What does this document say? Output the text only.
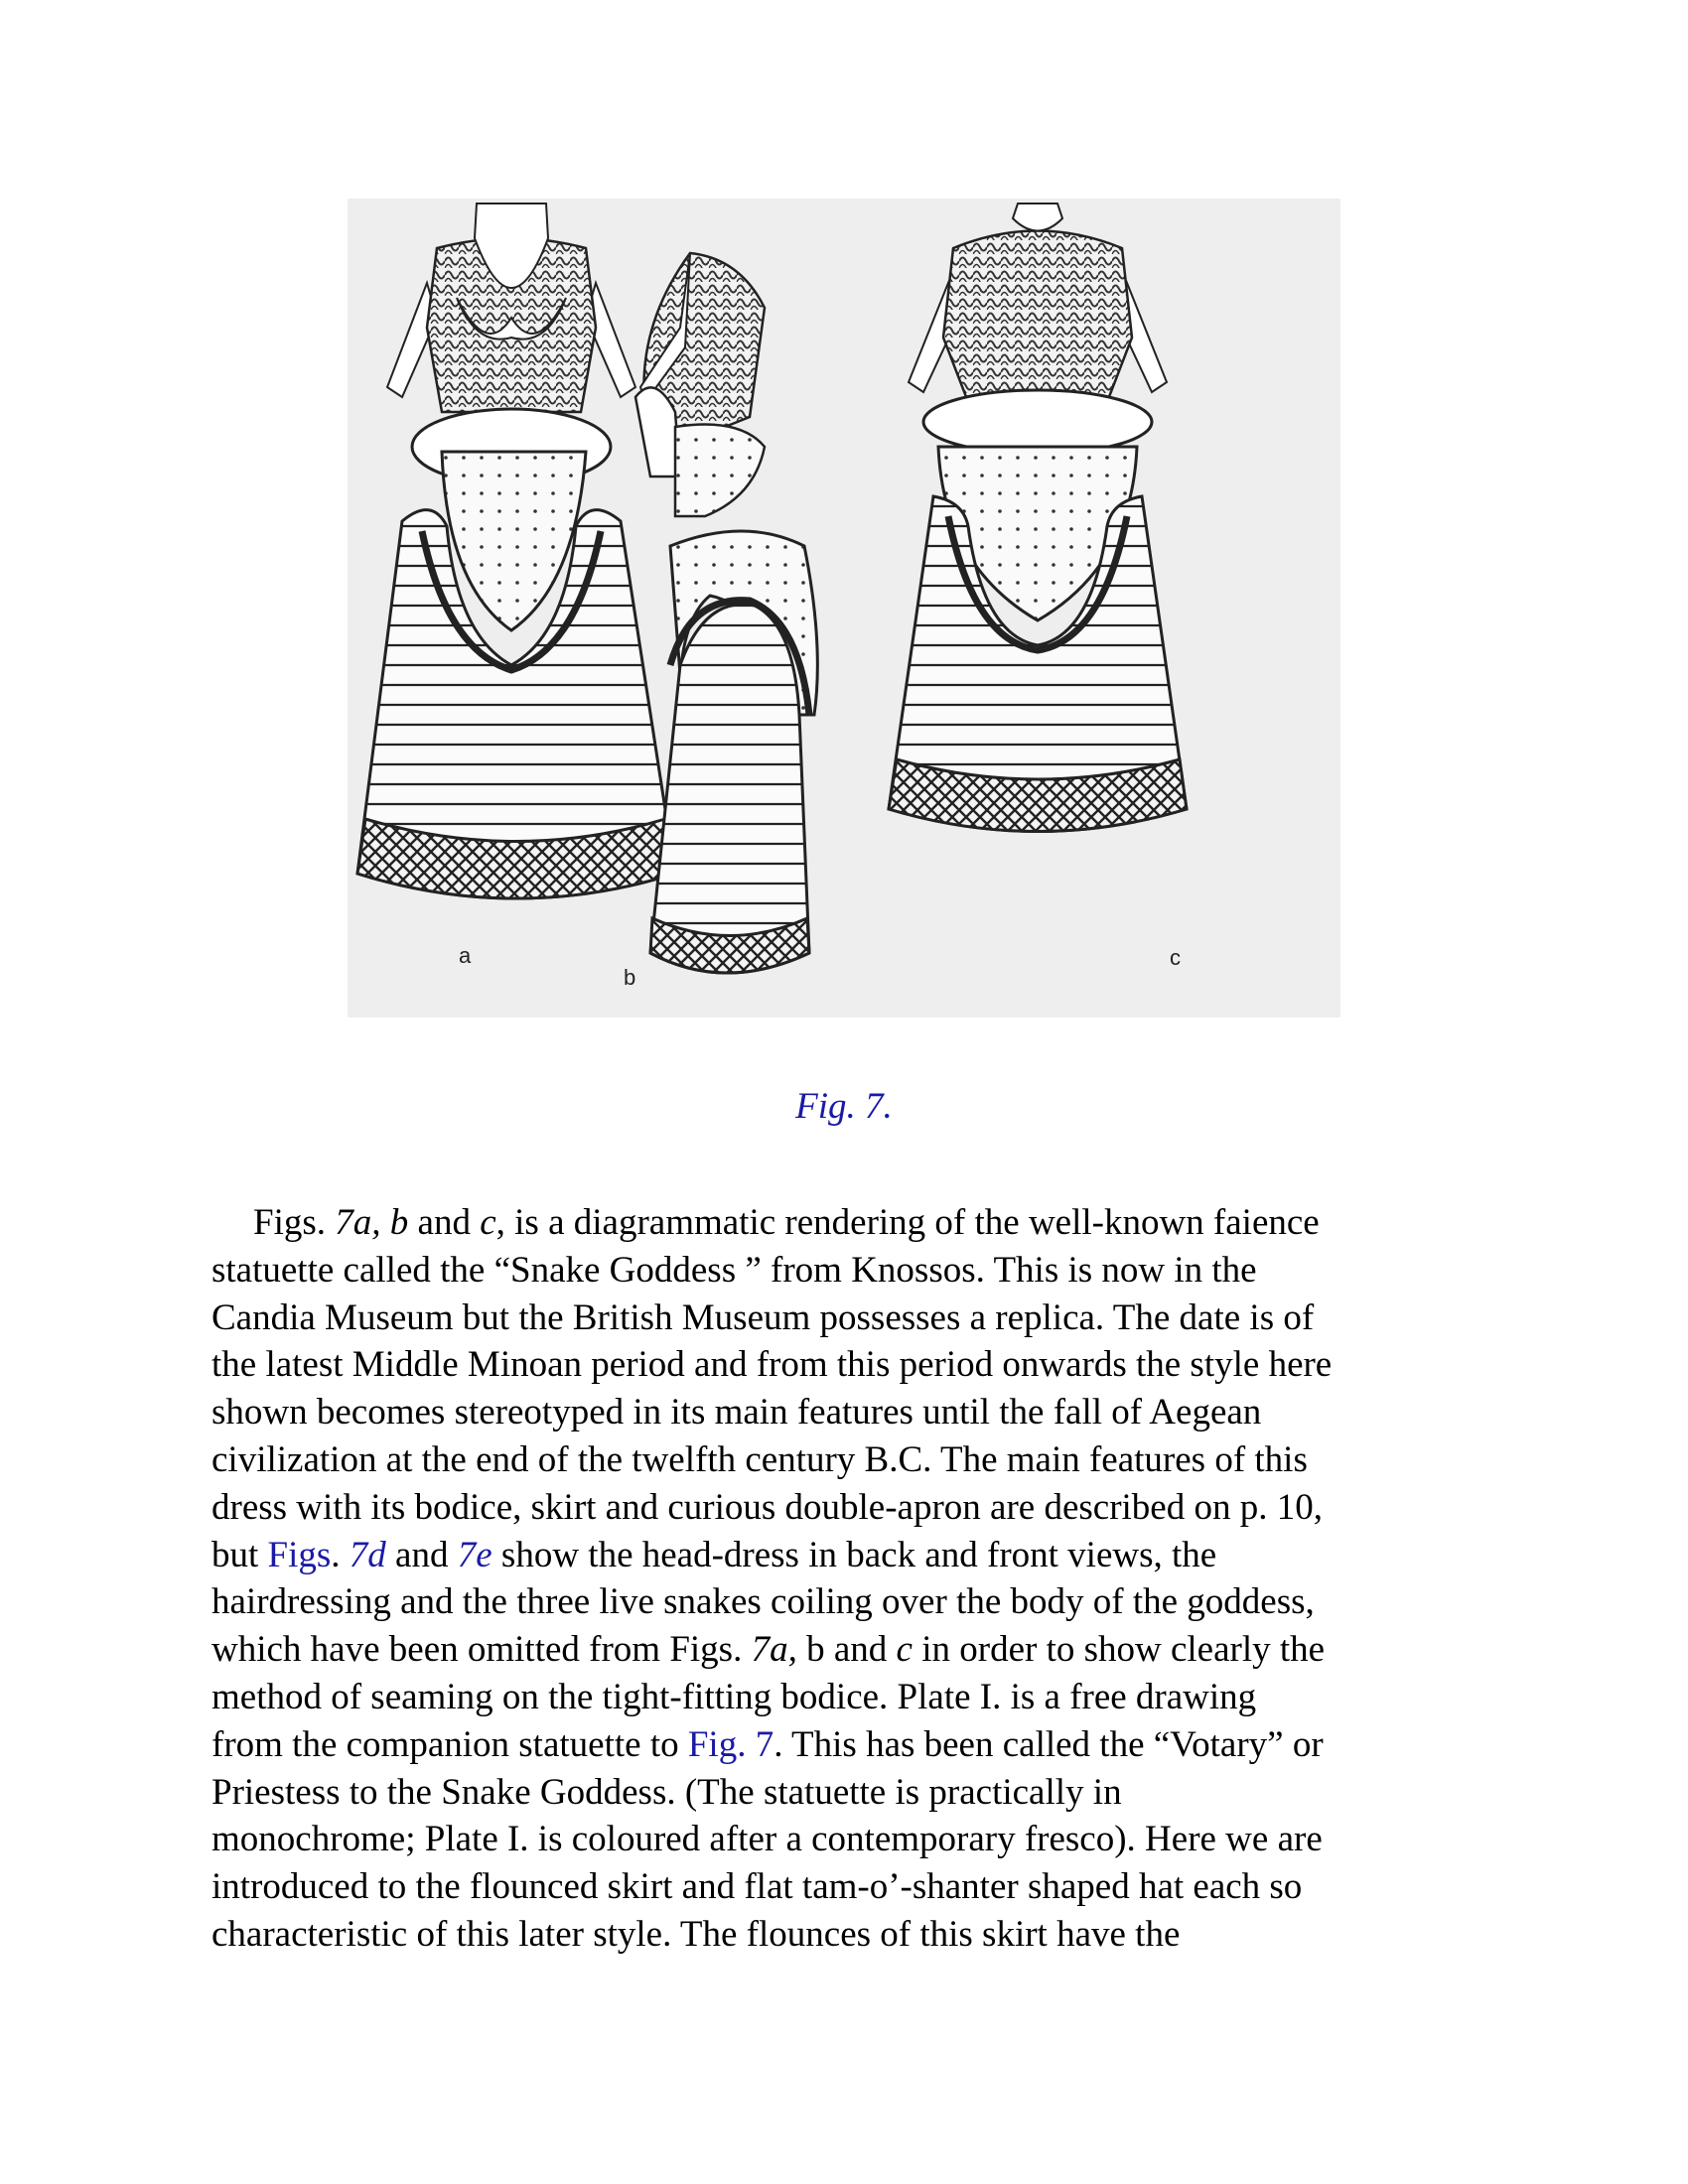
a
b
c
Fig. 7.
Figs. 7a, b and c, is a diagrammatic rendering of the well-known faience
statuette called the “Snake Goddess ” from Knossos. This is now in the
Candia Museum but the British Museum possesses a replica. The date is of
the latest Middle Minoan period and from this period onwards the style here
shown becomes stereotyped in its main features until the fall of Aegean
civilization at the end of the twelfth century B.C. The main features of this
dress with its bodice, skirt and curious double-apron are described on p. 10,
but Figs. 7d and 7e show the head-dress in back and front views, the
hairdressing and the three live snakes coiling over the body of the goddess,
which have been omitted from Figs. 7a, b and c in order to show clearly the
method of seaming on the tight-fitting bodice. Plate I. is a free drawing
from the companion statuette to Fig. 7. This has been called the “Votary” or
Priestess to the Snake Goddess. (The statuette is practically in
monochrome; Plate I. is coloured after a contemporary fresco). Here we are
introduced to the flounced skirt and flat tam-o’-shanter shaped hat each so
characteristic of this later style. The flounces of this skirt have the
